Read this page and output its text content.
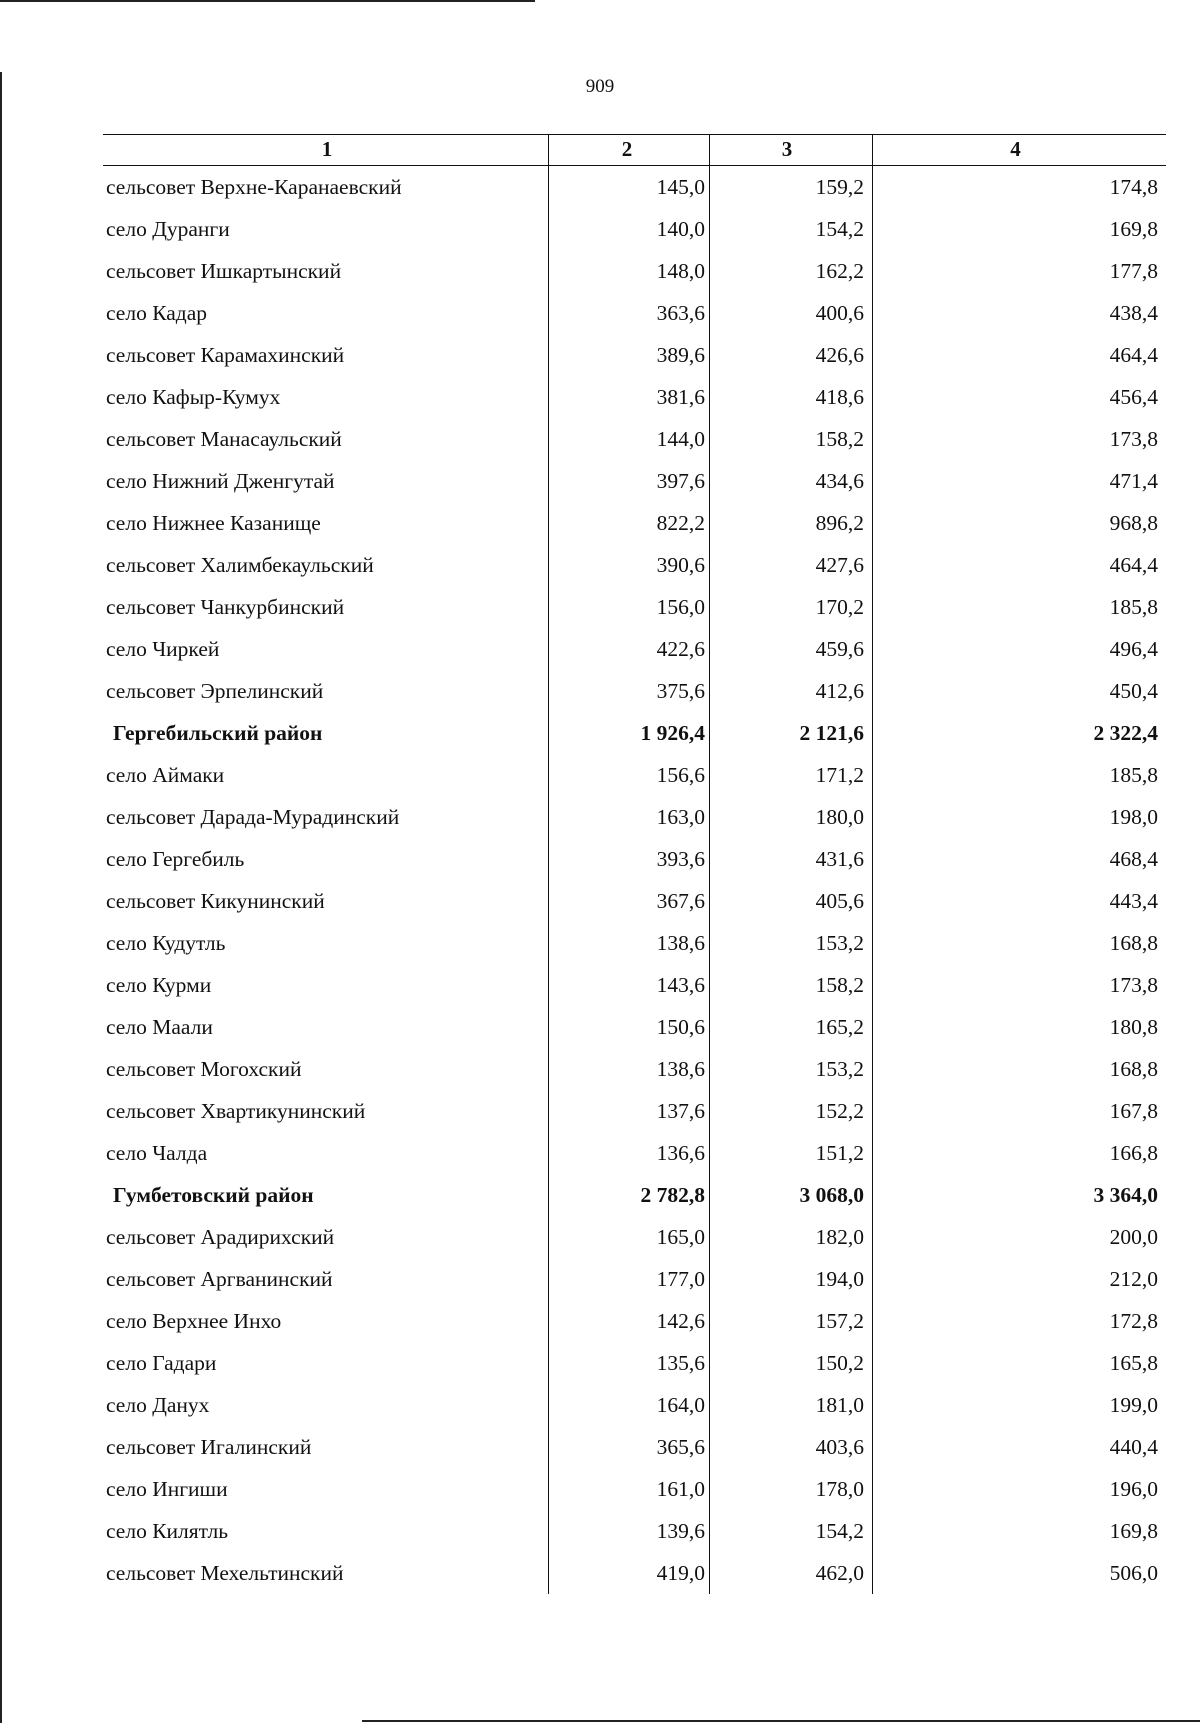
909
1	2	3	4
сельсовет Верхне-Каранаевский	145,0	159,2	174,8
село Дуранги	140,0	154,2	169,8
сельсовет Ишкартынский	148,0	162,2	177,8
село Кадар	363,6	400,6	438,4
сельсовет Карамахинский	389,6	426,6	464,4
село Кафыр-Кумух	381,6	418,6	456,4
сельсовет Манасаульский	144,0	158,2	173,8
село Нижний Дженгутай	397,6	434,6	471,4
село Нижнее Казанище	822,2	896,2	968,8
сельсовет Халимбекаульский	390,6	427,6	464,4
сельсовет Чанкурбинский	156,0	170,2	185,8
село Чиркей	422,6	459,6	496,4
сельсовет Эрпелинский	375,6	412,6	450,4
Гергебильский район	1 926,4	2 121,6	2 322,4
село Аймаки	156,6	171,2	185,8
сельсовет Дарада-Мурадинский	163,0	180,0	198,0
село Гергебиль	393,6	431,6	468,4
сельсовет Кикунинский	367,6	405,6	443,4
село Кудутль	138,6	153,2	168,8
село Курми	143,6	158,2	173,8
село Маали	150,6	165,2	180,8
сельсовет Могохский	138,6	153,2	168,8
сельсовет Хвартикунинский	137,6	152,2	167,8
село Чалда	136,6	151,2	166,8
Гумбетовский район	2 782,8	3 068,0	3 364,0
сельсовет Арадирихский	165,0	182,0	200,0
сельсовет Аргванинский	177,0	194,0	212,0
село Верхнее Инхо	142,6	157,2	172,8
село Гадари	135,6	150,2	165,8
село Данух	164,0	181,0	199,0
сельсовет Игалинский	365,6	403,6	440,4
село Ингиши	161,0	178,0	196,0
село Килятль	139,6	154,2	169,8
сельсовет Мехельтинский	419,0	462,0	506,0
